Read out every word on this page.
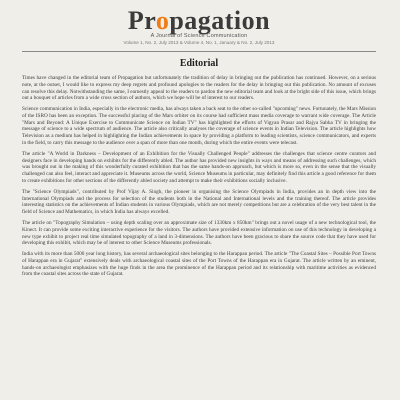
Propagation
A Journal of Science Communication
Volume 1, No. 2, July 2013 & Volume 4, No. 1, January & No. 2, July 2013
Editorial

Times have changed in the editorial team of Propagation but unfortunately the tradition of delay in bringing out the publication has continued. However, on a serious note, at the outset, I would like to express my deep regrets and profound apologies to the readers for the delay in bringing out this publication. No amount of excuses can resolve this delay. Notwithstanding the same, I earnestly appeal to the readers to pardon the new editorial team and look at the bright side of this issue, which brings out a bouquet of articles from a wide cross section of authors, which we hope will be of interest to our readers.

Science communication in India, especially in the electronic media, has always taken a back seat to the other so-called "upcoming" news. Fortunately, the Mars Mission of the ISRO has been an exception. The successful placing of the Mars orbiter on its course had sufficient mass media coverage to warrant wide coverage. The Article "Mars and Beyond: A Unique Exercise to Communicate Science on Indian TV" has highlighted the efforts of Vigyan Prasar and Rajya Sabha TV in bringing the message of science to a wide spectrum of audience. The article also critically analyses the coverage of science events in Indian Television. The article highlights how Television as a medium has helped in highlighting the Indian achievements in space by providing a platform to leading scientists, science communicators, and experts in the field, to carry this message to the audience over a span of more than one month, during which the entire events were telecast.

The article "A World in Darkness – Development of an Exhibition for the Visually Challenged People" addresses the challenges that science centre curators and designers face in developing hands on exhibits for the differently abled. The author has provided new insights in ways and means of addressing such challenges, which was brought out in the making of this wonderfully curated exhibition that has the same hands-on approach, but which is more so, even in the sense that the visually challenged can also feel, interact and appreciate it. Museums across the world, Science Museums in particular, may definitely find this article a good reference for them to create exhibitions for other sections of the differently abled society and attempt to make their exhibitions socially inclusive.

The "Science Olympiads", contributed by Prof Vijay A. Singh, the pioneer in organising the Science Olympiads in India, provides an in depth view into the International Olympiads and the process for selection of the students both in the National and International levels and the training thereof. The article provides interesting statistics on the achievements of Indian students in various Olympiads, which are not merely competitions but are a celebration of the very best talent in the field of Science and Mathematics, in which India has always excelled.

The article on "Topography Simulation – using depth scaling over an approximate size of 1330km x 850km" brings out a novel usage of a new technological tool, the Kinect. It can provide some exciting interactive experience for the visitors. The authors have provided extensive information on use of this technology in developing a new type exhibit to project real time simulated topography of a land in 3-dimensions. The authors have been gracious to share the source code that they have used for developing this exhibit, which may be of interest to other Science Museums professionals.

India with its more than 5000 year long history, has several archaeological sites belonging to the Harappan period. The article "The Coastal Sites – Possible Port Towns of Harappan era in Gujarat" extensively deals with archaeological coastal sites of the Port Towns of the Harappan era in Gujarat. The article written by an eminent, hands-on archaeologist emphasizes with the huge finds in the area the prominence of the Harappan period and its relationship with maritime activities as evidenced from the coastal sites across the state of Gujarat.
